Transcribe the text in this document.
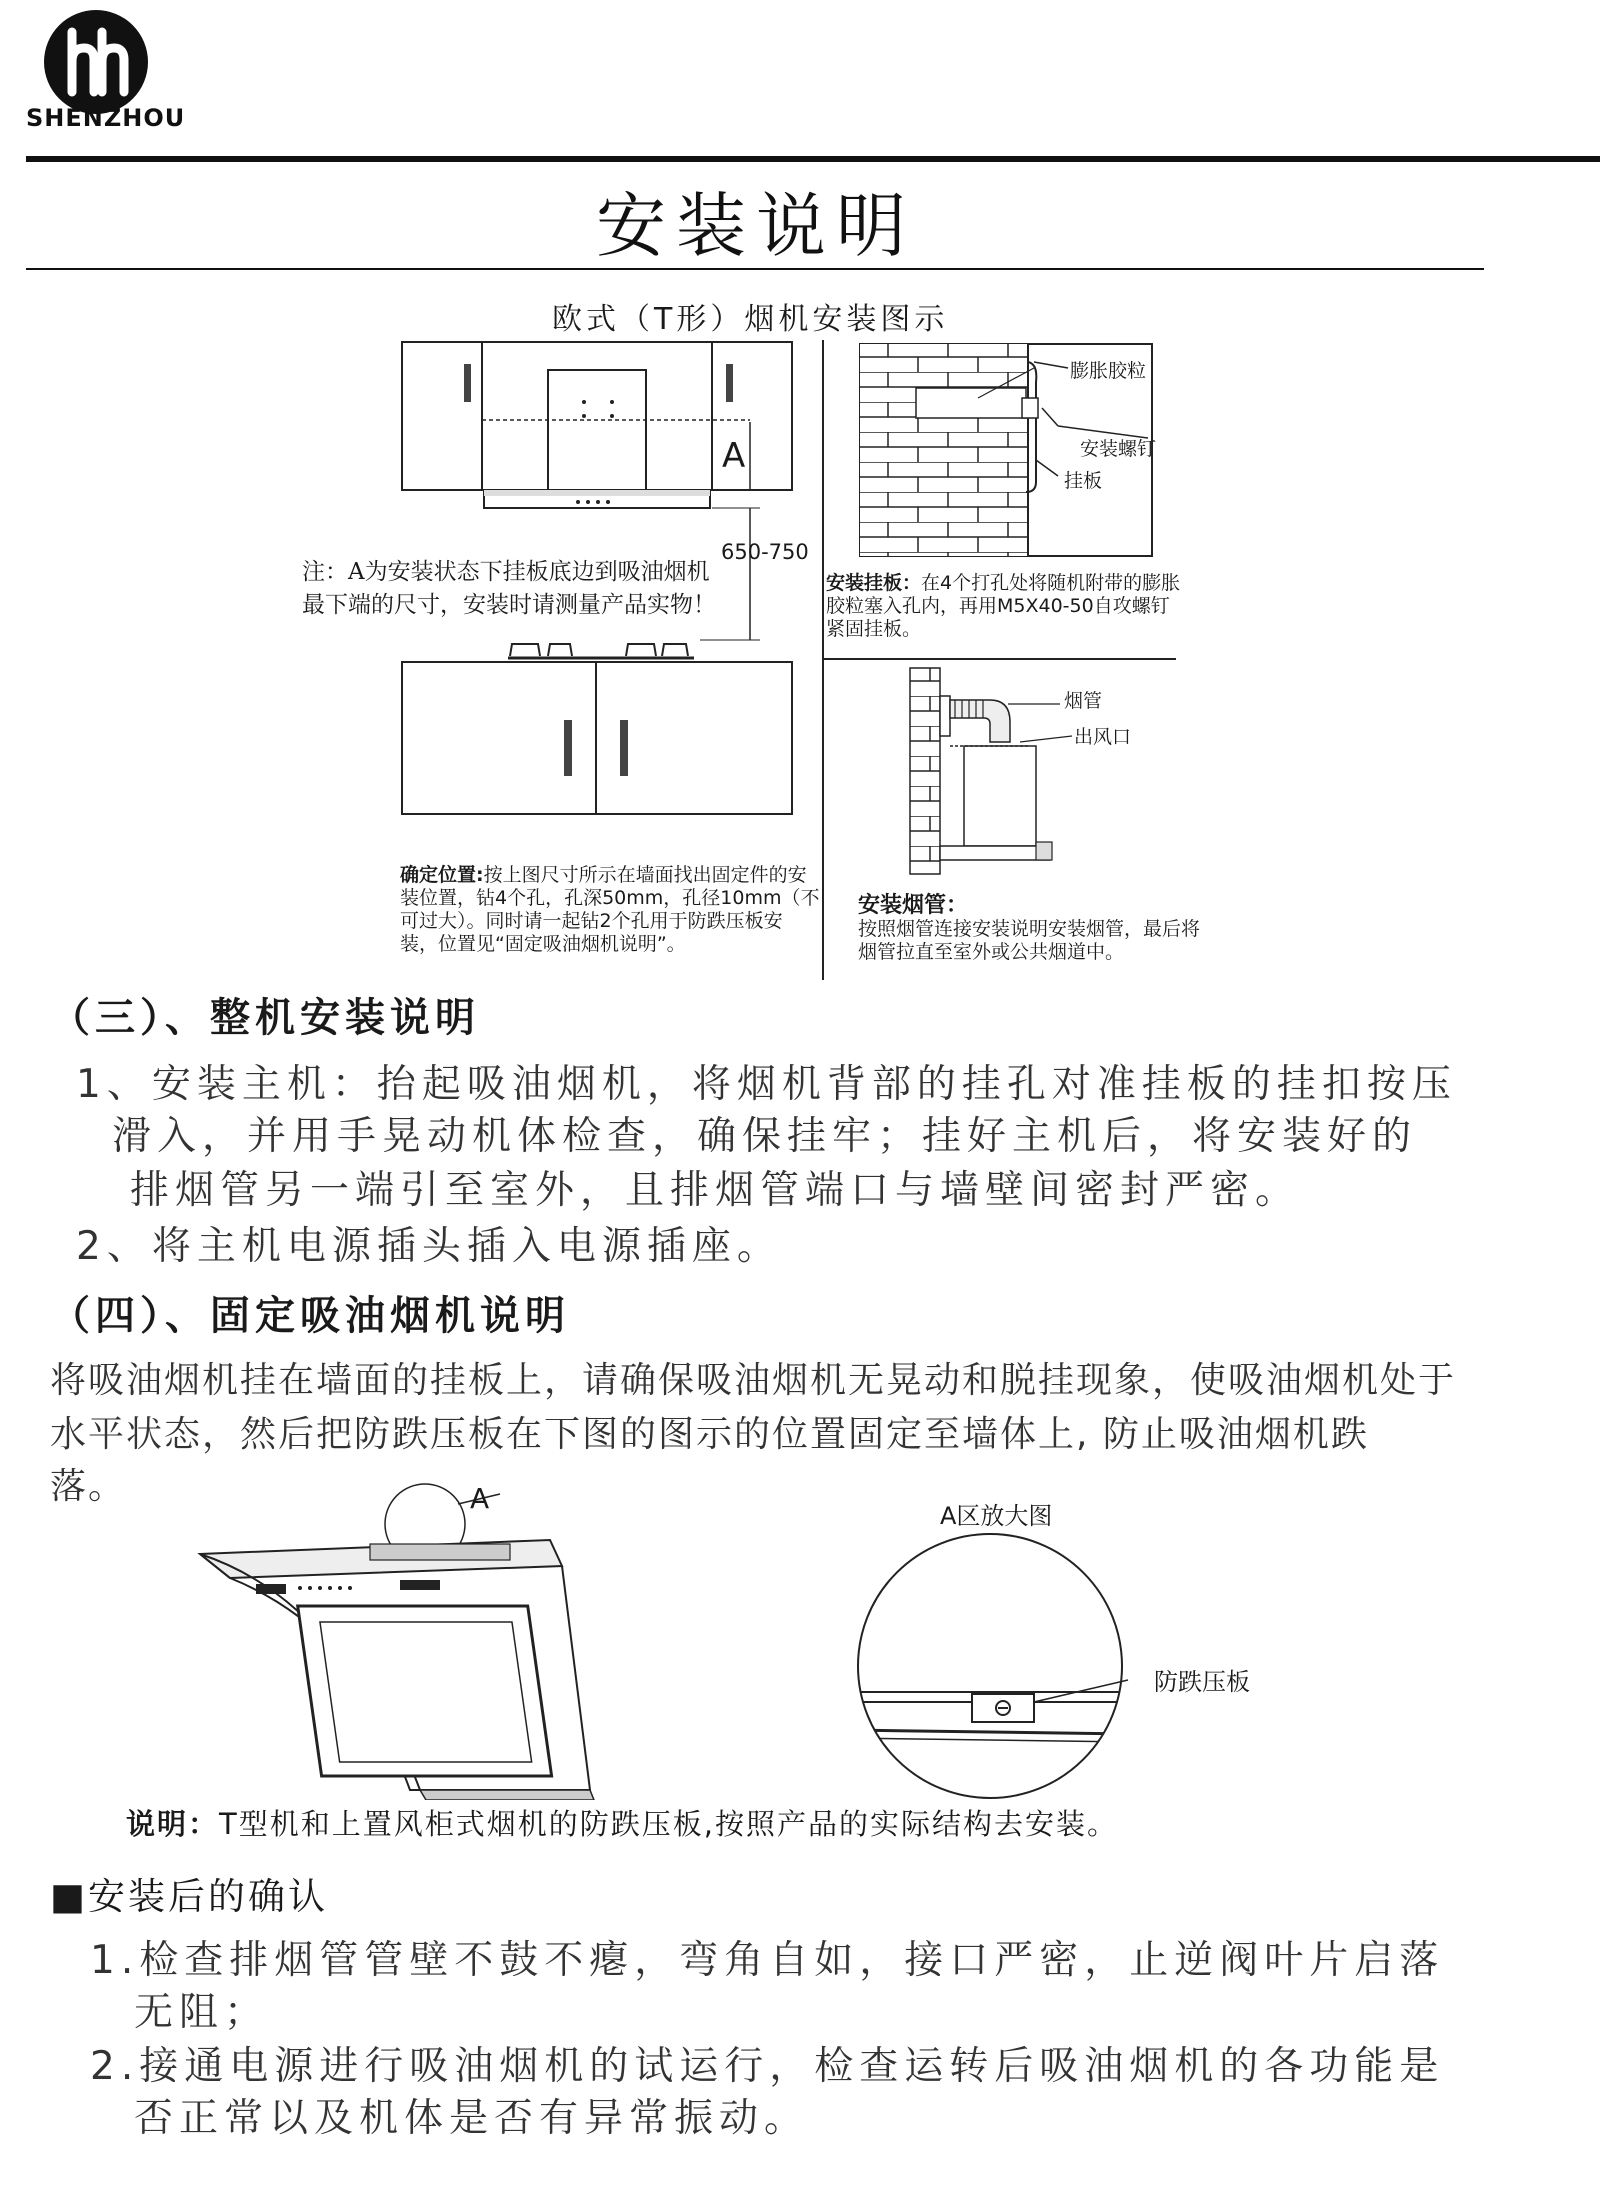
SHENZHOU
安装说明
欧式（T形）烟机安装图示
A
650-750
注：A为安装状态下挂板底边到吸油烟机最下端的尺寸，安装时请测量产品实物！
膨胀胶粒
安装螺钉
挂板
安装挂板：在4个打孔处将随机附带的膨胀胶粒塞入孔内，再用M5X40-50自攻螺钉紧固挂板。
烟管
出风口
确定位置:按上图尺寸所示在墙面找出固定件的安装位置，钻4个孔，孔深50mm，孔径10mm（不可过大）。同时请一起钻2个孔用于防跌压板安装，位置见“固定吸油烟机说明”。
安装烟管：
按照烟管连接安装说明安装烟管，最后将烟管拉直至室外或公共烟道中。
（三）、整机安装说明
1、安装主机：抬起吸油烟机，将烟机背部的挂孔对准挂板的挂扣按压
滑入，并用手晃动机体检查，确保挂牢；挂好主机后，将安装好的
排烟管另一端引至室外，且排烟管端口与墙壁间密封严密。
2、将主机电源插头插入电源插座。
（四）、固定吸油烟机说明
将吸油烟机挂在墙面的挂板上，请确保吸油烟机无晃动和脱挂现象，使吸油烟机处于
水平状态，然后把防跌压板在下图的图示的位置固定至墙体上, 防止吸油烟机跌
落。	A
A区放大图
防跌压板
说明：T型机和上置风柜式烟机的防跌压板,按照产品的实际结构去安装。
■安装后的确认
1.检查排烟管管壁不鼓不瘪，弯角自如，接口严密，止逆阀叶片启落
无阻；
2.接通电源进行吸油烟机的试运行，检查运转后吸油烟机的各功能是
否正常以及机体是否有异常振动。
